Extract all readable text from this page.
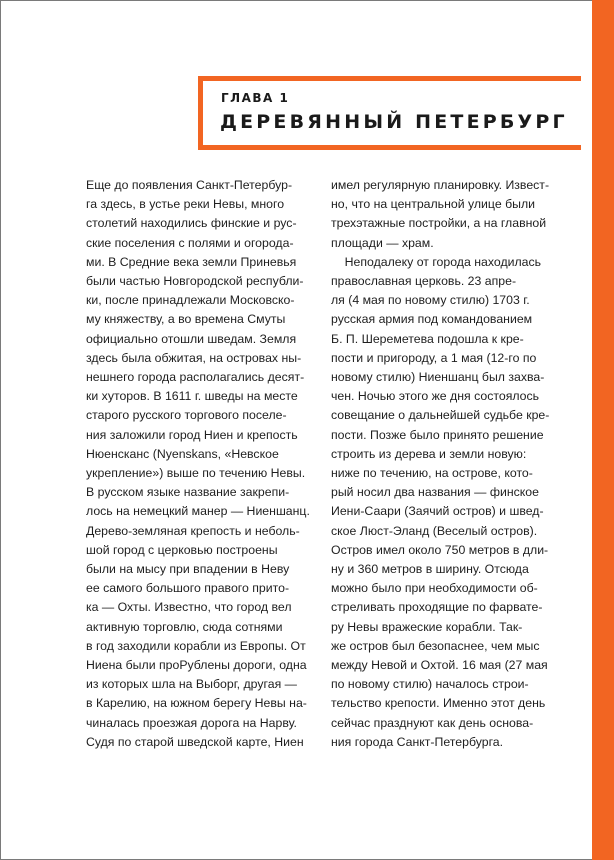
ГЛАВА 1

ДЕРЕВЯННЫЙ ПЕТЕРБУРГ
Еще до появления Санкт-Петербур-
га здесь, в устье реки Невы, много
столетий находились финские и рус-
ские поселения с полями и огорода-
ми. В Средние века земли Приневья
были частью Новгородской республи-
ки, после принадлежали Московско-
му княжеству, а во времена Смуты
официально отошли шведам. Земля
здесь была обжитая, на островах ны-
нешнего города располагались десят-
ки хуторов. В 1611 г. шведы на месте
старого русского торгового поселе-
ния заложили город Ниен и крепость
Нюенсканс (Nyenskans, «Невское
укрепление») выше по течению Невы.
В русском языке название закрепи-
лось на немецкий манер — Ниеншанц.
Дерево-земляная крепость и неболь-
шой город с церковью построены
были на мысу при впадении в Неву
ее самого большого правого прито-
ка — Охты. Известно, что город вел
активную торговлю, сюда сотнями
в год заходили корабли из Европы. От
Ниена были проРублены дороги, одна
из которых шла на Выборг, другая —
в Карелию, на южном берегу Невы на-
чиналась проезжая дорога на Нарву.
Судя по старой шведской карте, Ниен
имел регулярную планировку. Извест-
но, что на центральной улице были
трехэтажные постройки, а на главной
площади — храм.
Неподалеку от города находилась
православная церковь. 23 апре-
ля (4 мая по новому стилю) 1703 г.
русская армия под командованием
Б. П. Шереметева подошла к кре-
пости и пригороду, а 1 мая (12-го по
новому стилю) Ниеншанц был захва-
чен. Ночью этого же дня состоялось
совещание о дальнейшей судьбе кре-
пости. Позже было принято решение
строить из дерева и земли новую:
ниже по течению, на острове, кото-
рый носил два названия — финское
Иени-Саари (Заячий остров) и швед-
ское Люст-Эланд (Веселый остров).
Остров имел около 750 метров в дли-
ну и 360 метров в ширину. Отсюда
можно было при необходимости об-
стреливать проходящие по фарвате-
ру Невы вражеские корабли. Так-
же остров был безопаснее, чем мыс
между Невой и Охтой. 16 мая (27 мая
по новому стилю) началось строи-
тельство крепости. Именно этот день
сейчас празднуют как день основа-
ния города Санкт-Петербурга.
